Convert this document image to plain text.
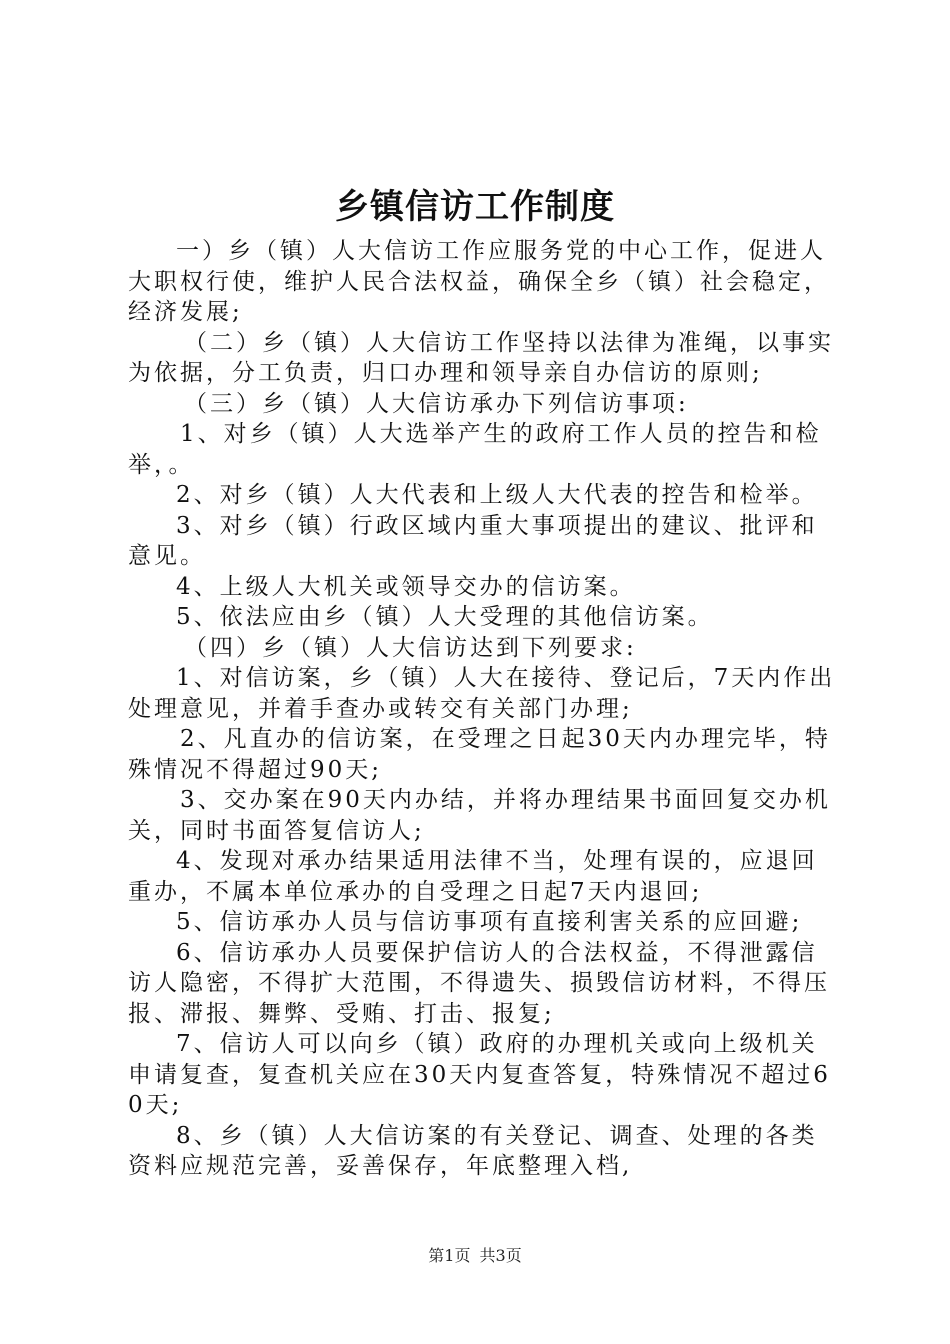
乡镇信访工作制度

一）乡（镇）人大信访工作应服务党的中心工作，促进人大职权行使，维护人民合法权益，确保全乡（镇）社会稳定，经济发展;

（二）乡（镇）人大信访工作坚持以法律为准绳，以事实为依据，分工负责，归口办理和领导亲自办信访的原则;

（三）乡（镇）人大信访承办下列信访事项:

1、对乡（镇）人大选举产生的政府工作人员的控告和检举，。

2、对乡（镇）人大代表和上级人大代表的控告和检举。

3、对乡（镇）行政区域内重大事项提出的建议、批评和意见。

4、上级人大机关或领导交办的信访案。

5、依法应由乡（镇）人大受理的其他信访案。

（四）乡（镇）人大信访达到下列要求:

1、对信访案，乡（镇）人大在接待、登记后，7天内作出处理意见，并着手查办或转交有关部门办理;

2、凡直办的信访案，在受理之日起30天内办理完毕，特殊情况不得超过90天;

3、交办案在90天内办结，并将办理结果书面回复交办机关，同时书面答复信访人;

4、发现对承办结果适用法律不当，处理有误的，应退回重办，不属本单位承办的自受理之日起7天内退回;

5、信访承办人员与信访事项有直接利害关系的应回避;

6、信访承办人员要保护信访人的合法权益，不得泄露信访人隐密，不得扩大范围，不得遗失、损毁信访材料，不得压报、滞报、舞弊、受贿、打击、报复;

7、信访人可以向乡（镇）政府的办理机关或向上级机关申请复查，复查机关应在30天内复查答复，特殊情况不超过60天;

8、乡（镇）人大信访案的有关登记、调查、处理的各类资料应规范完善，妥善保存，年底整理入档,

第1页 共3页
